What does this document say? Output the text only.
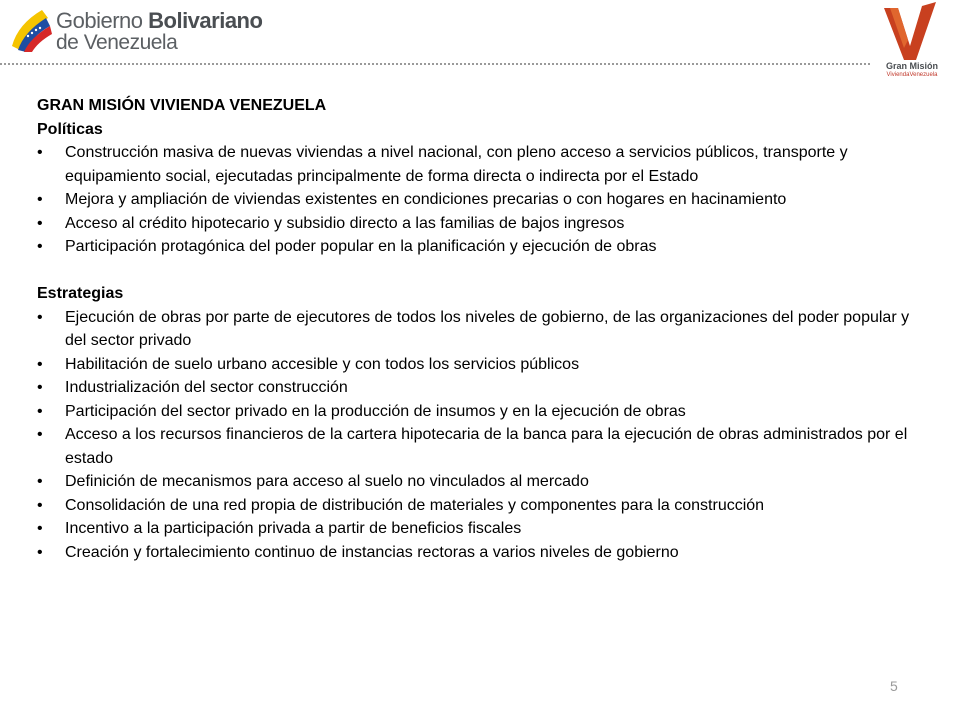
Gobierno Bolivariano
de Venezuela
Gran Misión
ViviendaVenezuela
GRAN MISIÓN VIVIENDA VENEZUELA
Políticas
• Construcción masiva de nuevas viviendas a nivel nacional, con pleno acceso a servicios públicos, transporte y equipamiento social, ejecutadas principalmente de forma directa o indirecta por el Estado
• Mejora y ampliación de viviendas existentes en condiciones precarias o con hogares en hacinamiento
• Acceso al crédito hipotecario y subsidio directo a las familias de bajos ingresos
• Participación protagónica del poder popular en la planificación y ejecución de obras
Estrategias
• Ejecución de obras por parte de ejecutores de todos los niveles de gobierno, de las organizaciones del poder popular y del sector privado
• Habilitación de suelo urbano accesible y con todos los servicios públicos
• Industrialización del sector construcción
• Participación del sector privado en la producción de insumos y en la ejecución de obras
• Acceso a los recursos financieros de la cartera hipotecaria de la banca para la ejecución de obras administrados por el estado
• Definición de mecanismos para acceso al suelo no vinculados al mercado
• Consolidación de una red propia de distribución de materiales y componentes para la construcción
• Incentivo a la participación privada a partir de beneficios fiscales
• Creación y fortalecimiento continuo de instancias rectoras a varios niveles de gobierno
5
